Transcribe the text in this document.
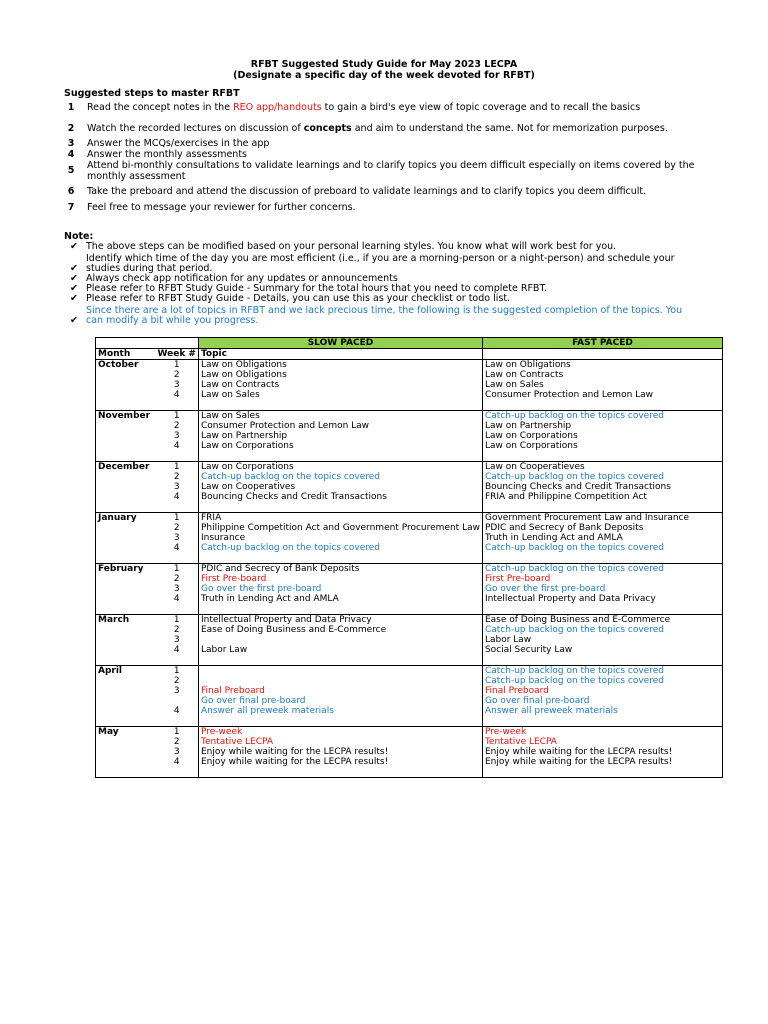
RFBT Suggested Study Guide for May 2023 LECPA
(Designate a specific day of the week devoted for RFBT)
Suggested steps to master RFBT
1	Read the concept notes in the REO app/handouts to gain a bird's eye view of topic coverage and to recall the basics
2	Watch the recorded lectures on discussion of concepts and aim to understand the same. Not for memorization purposes.
3	Answer the MCQs/exercises in the app
4	Answer the monthly assessments
5	Attend bi-monthly consultations to validate learnings and to clarify topics you deem difficult especially on items covered by the monthly assessment
6	Take the preboard and attend the discussion of preboard to validate learnings and to clarify topics you deem difficult.
7	Feel free to message your reviewer for further concerns.
Note:
✔ The above steps can be modified based on your personal learning styles. You know what will work best for you.
✔
Identify which time of the day you are most efficient (i.e., if you are a morning-person or a night-person) and schedule your studies during that period.
✔ Always check app notification for any updates or announcements
✔ Please refer to RFBT Study Guide - Summary for the total hours that you need to complete RFBT.
✔ Please refer to RFBT Study Guide - Details, you can use this as your checklist or todo list.
✔
Since there are a lot of topics in RFBT and we lack precious time, the following is the suggested completion of the topics. You can modify a bit while you progress.
		SLOW PACED	FAST PACED
Month	Week #	Topic	
October	1	Law on Obligations	Law on Obligations
	2	Law on Obligations	Law on Contracts
	3	Law on Contracts	Law on Sales
	4	Law on Sales	Consumer Protection and Lemon Law

November	1	Law on Sales	Catch-up backlog on the topics covered
	2	Consumer Protection and Lemon Law	Law on Partnership
	3	Law on Partnership	Law on Corporations
	4	Law on Corporations	Law on Corporations

December	1	Law on Corporations	Law on Cooperatieves
	2	Catch-up backlog on the topics covered	Catch-up backlog on the topics covered
	3	Law on Cooperatives	Bouncing Checks and Credit Transactions
	4	Bouncing Checks and Credit Transactions	FRIA and Philippine Competition Act

January	1	FRIA	Government Procurement Law and Insurance
	2	Philippine Competition Act and Government Procurement Law	PDIC and Secrecy of Bank Deposits
	3	Insurance	Truth in Lending Act and AMLA
	4	Catch-up backlog on the topics covered	Catch-up backlog on the topics covered

February	1	PDIC and Secrecy of Bank Deposits	Catch-up backlog on the topics covered
	2	First Pre-board	First Pre-board
	3	Go over the first pre-board	Go over the first pre-board
	4	Truth in Lending Act and AMLA	Intellectual Property and Data Privacy

March	1	Intellectual Property and Data Privacy	Ease of Doing Business and E-Commerce
	2	Ease of Doing Business and E-Commerce	Catch-up backlog on the topics covered
	3		Labor Law
	4	Labor Law	Social Security Law

April	1		Catch-up backlog on the topics covered
	2		Catch-up backlog on the topics covered
	3	Final Preboard	Final Preboard
		Go over final pre-board	Go over final pre-board
	4	Answer all preweek materials	Answer all preweek materials

May	1	Pre-week	Pre-week
	2	Tentative LECPA	Tentative LECPA
	3	Enjoy while waiting for the LECPA results!	Enjoy while waiting for the LECPA results!
	4	Enjoy while waiting for the LECPA results!	Enjoy while waiting for the LECPA results!
